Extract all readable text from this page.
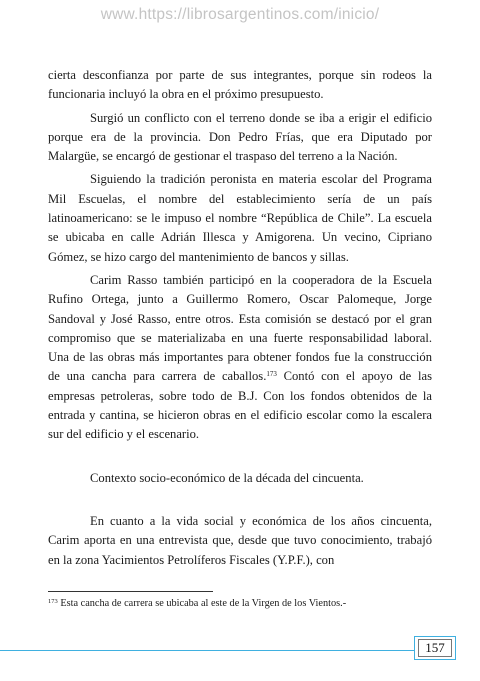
www.https://librosargentinos.com/inicio/

cierta desconfianza por parte de sus integrantes, porque sin rodeos la funcionaria incluyó la obra en el próximo presupuesto.

Surgió un conflicto con el terreno donde se iba a erigir el edificio porque era de la provincia. Don Pedro Frías, que era Diputado por Malargüe, se encargó de gestionar el traspaso del terreno a la Nación.

Siguiendo la tradición peronista en materia escolar del Programa Mil Escuelas, el nombre del establecimiento sería de un país latinoamericano: se le impuso el nombre “República de Chile”. La escuela se ubicaba en calle Adrián Illesca y Amigorena. Un vecino, Cipriano Gómez, se hizo cargo del mantenimiento de bancos y sillas.

Carim Rasso también participó en la cooperadora de la Escuela Rufino Ortega, junto a Guillermo Romero, Oscar Palomeque, Jorge Sandoval y José Rasso, entre otros. Esta comisión se destacó por el gran compromiso que se materializaba en una fuerte responsabilidad laboral. Una de las obras más importantes para obtener fondos fue la construcción de una cancha para carrera de caballos.$^{173}$ Contó con el apoyo de las empresas petroleras, sobre todo de B.J. Con los fondos obtenidos de la entrada y cantina, se hicieron obras en el edificio escolar como la escalera sur del edificio y el escenario.

Contexto socio-económico de la década del cincuenta.

En cuanto a la vida social y económica de los años cincuenta, Carim aporta en una entrevista que, desde que tuvo conocimiento, trabajó en la zona Yacimientos Petrolíferos Fiscales (Y.P.F.), con

$^{173}$ Esta cancha de carrera se ubicaba al este de la Virgen de los Vientos.-
157
